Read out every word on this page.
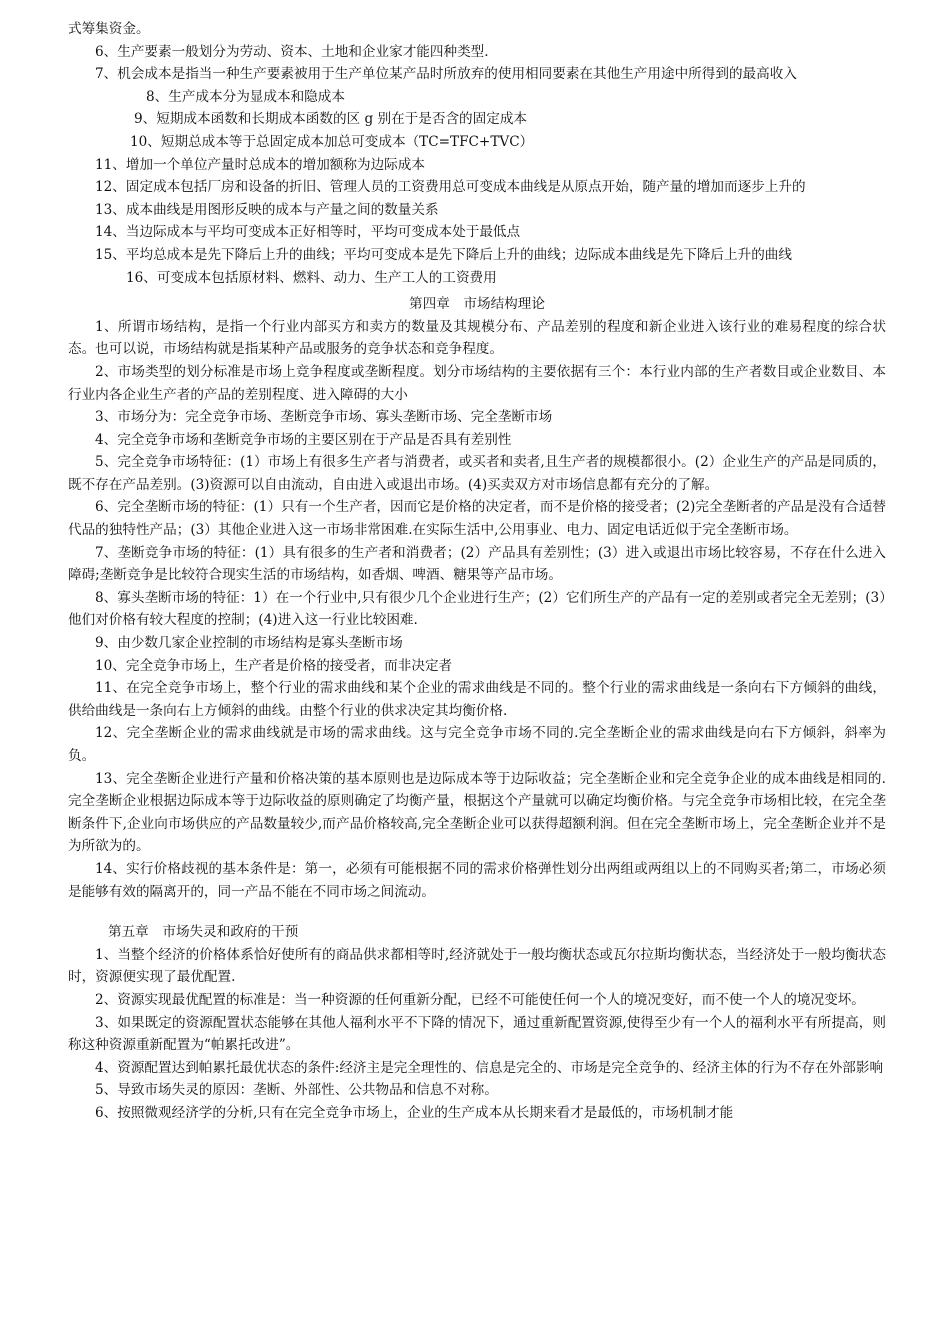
式筹集资金。

6、生产要素一般划分为劳动、资本、土地和企业家才能四种类型.

7、机会成本是指当一种生产要素被用于生产单位某产品时所放弃的使用相同要素在其他生产用途中所得到的最高收入

8、生产成本分为显成本和隐成本

9、短期成本函数和长期成本函数的区 g 别在于是否含的固定成本

10、短期总成本等于总固定成本加总可变成本（TC=TFC+TVC）

11、增加一个单位产量时总成本的增加额称为边际成本

12、固定成本包括厂房和设备的折旧、管理人员的工资费用总可变成本曲线是从原点开始，随产量的增加而逐步上升的

13、成本曲线是用图形反映的成本与产量之间的数量关系

14、当边际成本与平均可变成本正好相等时，平均可变成本处于最低点

15、平均总成本是先下降后上升的曲线；平均可变成本是先下降后上升的曲线；边际成本曲线是先下降后上升的曲线

16、可变成本包括原材料、燃料、动力、生产工人的工资费用

第四章　市场结构理论

1、所谓市场结构，是指一个行业内部买方和卖方的数量及其规模分布、产品差别的程度和新企业进入该行业的难易程度的综合状态。也可以说，市场结构就是指某种产品或服务的竞争状态和竞争程度。

2、市场类型的划分标准是市场上竞争程度或垄断程度。划分市场结构的主要依据有三个：本行业内部的生产者数目或企业数目、本行业内各企业生产者的产品的差别程度、进入障碍的大小

3、市场分为：完全竞争市场、垄断竞争市场、寡头垄断市场、完全垄断市场

4、完全竞争市场和垄断竞争市场的主要区别在于产品是否具有差别性

5、完全竞争市场特征：(1）市场上有很多生产者与消费者，或买者和卖者,且生产者的规模都很小。(2）企业生产的产品是同质的，既不存在产品差别。(3)资源可以自由流动，自由进入或退出市场。(4)买卖双方对市场信息都有充分的了解。

6、完全垄断市场的特征：(1）只有一个生产者，因而它是价格的决定者，而不是价格的接受者；(2)完全垄断者的产品是没有合适替代品的独特性产品；(3）其他企业进入这一市场非常困难.在实际生活中,公用事业、电力、固定电话近似于完全垄断市场。

7、垄断竞争市场的特征：(1）具有很多的生产者和消费者；(2）产品具有差别性；(3）进入或退出市场比较容易，不存在什么进入障碍;垄断竞争是比较符合现实生活的市场结构，如香烟、啤酒、糖果等产品市场。

8、寡头垄断市场的特征：1）在一个行业中,只有很少几个企业进行生产；(2）它们所生产的产品有一定的差别或者完全无差别；(3）他们对价格有较大程度的控制；(4)进入这一行业比较困难.

9、由少数几家企业控制的市场结构是寡头垄断市场

10、完全竞争市场上，生产者是价格的接受者，而非决定者

11、在完全竞争市场上，整个行业的需求曲线和某个企业的需求曲线是不同的。整个行业的需求曲线是一条向右下方倾斜的曲线，供给曲线是一条向右上方倾斜的曲线。由整个行业的供求决定其均衡价格.

12、完全垄断企业的需求曲线就是市场的需求曲线。这与完全竞争市场不同的.完全垄断企业的需求曲线是向右下方倾斜，斜率为负。

13、完全垄断企业进行产量和价格决策的基本原则也是边际成本等于边际收益；完全垄断企业和完全竞争企业的成本曲线是相同的.完全垄断企业根据边际成本等于边际收益的原则确定了均衡产量，根据这个产量就可以确定均衡价格。与完全竞争市场相比较，在完全垄断条件下,企业向市场供应的产品数量较少,而产品价格较高,完全垄断企业可以获得超额利润。但在完全垄断市场上，完全垄断企业并不是为所欲为的。

14、实行价格歧视的基本条件是：第一，必须有可能根据不同的需求价格弹性划分出两组或两组以上的不同购买者;第二，市场必须是能够有效的隔离开的，同一产品不能在不同市场之间流动。

第五章　市场失灵和政府的干预

1、当整个经济的价格体系恰好使所有的商品供求都相等时,经济就处于一般均衡状态或瓦尔拉斯均衡状态，当经济处于一般均衡状态时，资源便实现了最优配置.

2、资源实现最优配置的标准是：当一种资源的任何重新分配，已经不可能使任何一个人的境况变好，而不使一个人的境况变坏。

3、如果既定的资源配置状态能够在其他人福利水平不下降的情况下，通过重新配置资源,使得至少有一个人的福利水平有所提高，则称这种资源重新配置为“帕累托改进”。

4、资源配置达到帕累托最优状态的条件:经济主是完全理性的、信息是完全的、市场是完全竞争的、经济主体的行为不存在外部影响

5、导致市场失灵的原因：垄断、外部性、公共物品和信息不对称。

6、按照微观经济学的分析,只有在完全竞争市场上，企业的生产成本从长期来看才是最低的，市场机制才能
